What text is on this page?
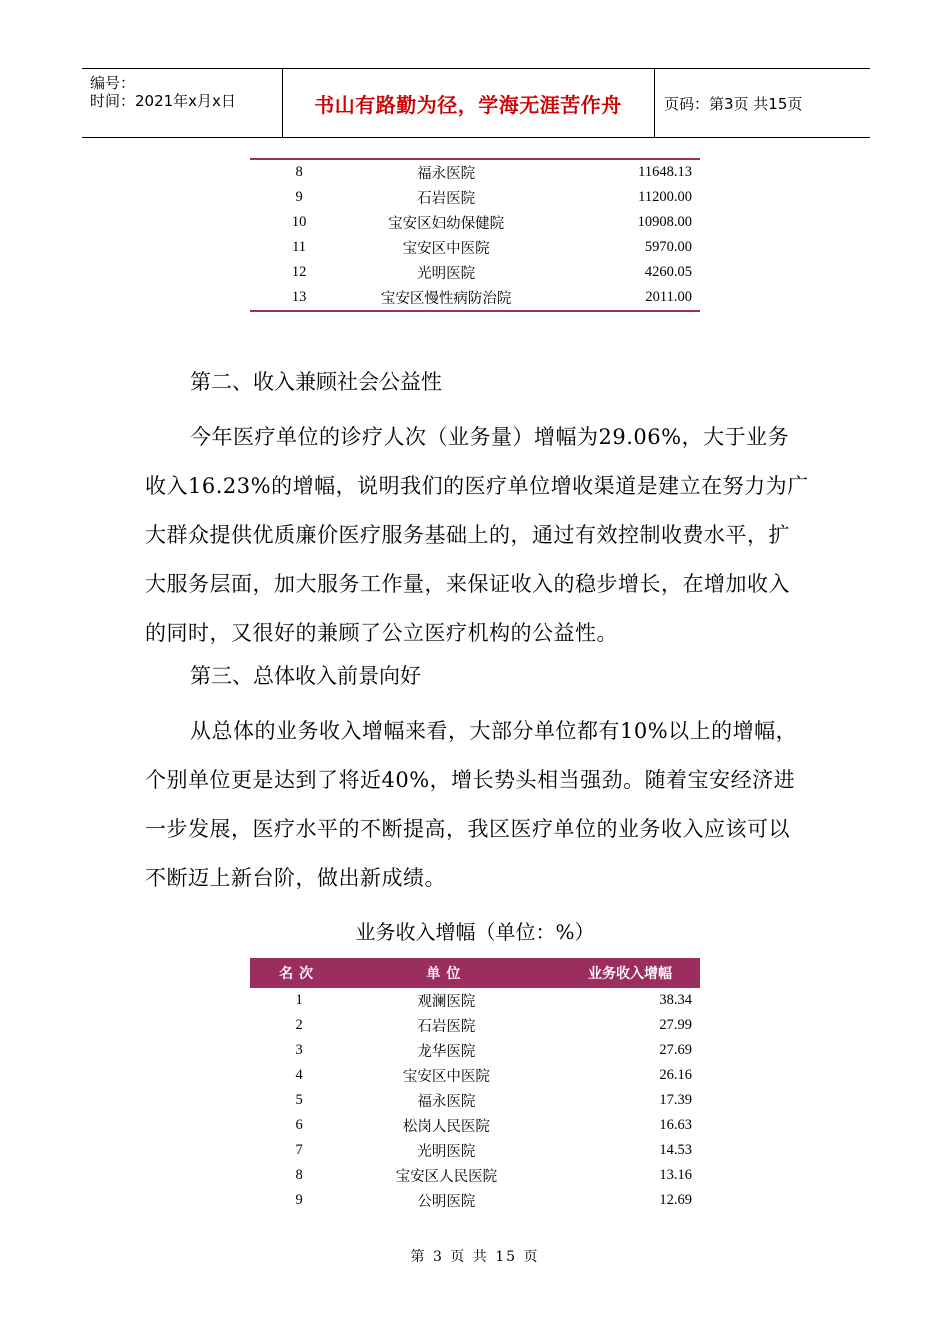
编号：
时间：2021年x月x日	书山有路勤为径，学海无涯苦作舟	页码：第3页 共15页
8	福永医院	11648.13
9	石岩医院	11200.00
10	宝安区妇幼保健院	10908.00
11	宝安区中医院	5970.00
12	光明医院	4260.05
13	宝安区慢性病防治院	2011.00
第二、收入兼顾社会公益性
今年医疗单位的诊疗人次（业务量）增幅为29.06%，大于业务收入16.23%的增幅，说明我们的医疗单位增收渠道是建立在努力为广大群众提供优质廉价医疗服务基础上的，通过有效控制收费水平，扩大服务层面，加大服务工作量，来保证收入的稳步增长，在增加收入的同时，又很好的兼顾了公立医疗机构的公益性。
第三、总体收入前景向好
从总体的业务收入增幅来看，大部分单位都有10%以上的增幅，个别单位更是达到了将近40%，增长势头相当强劲。随着宝安经济进一步发展，医疗水平的不断提高，我区医疗单位的业务收入应该可以不断迈上新台阶，做出新成绩。
业务收入增幅（单位：%）
名次	单位	业务收入增幅
1	观澜医院	38.34
2	石岩医院	27.99
3	龙华医院	27.69
4	宝安区中医院	26.16
5	福永医院	17.39
6	松岗人民医院	16.63
7	光明医院	14.53
8	宝安区人民医院	13.16
9	公明医院	12.69
第 3 页 共 15 页
